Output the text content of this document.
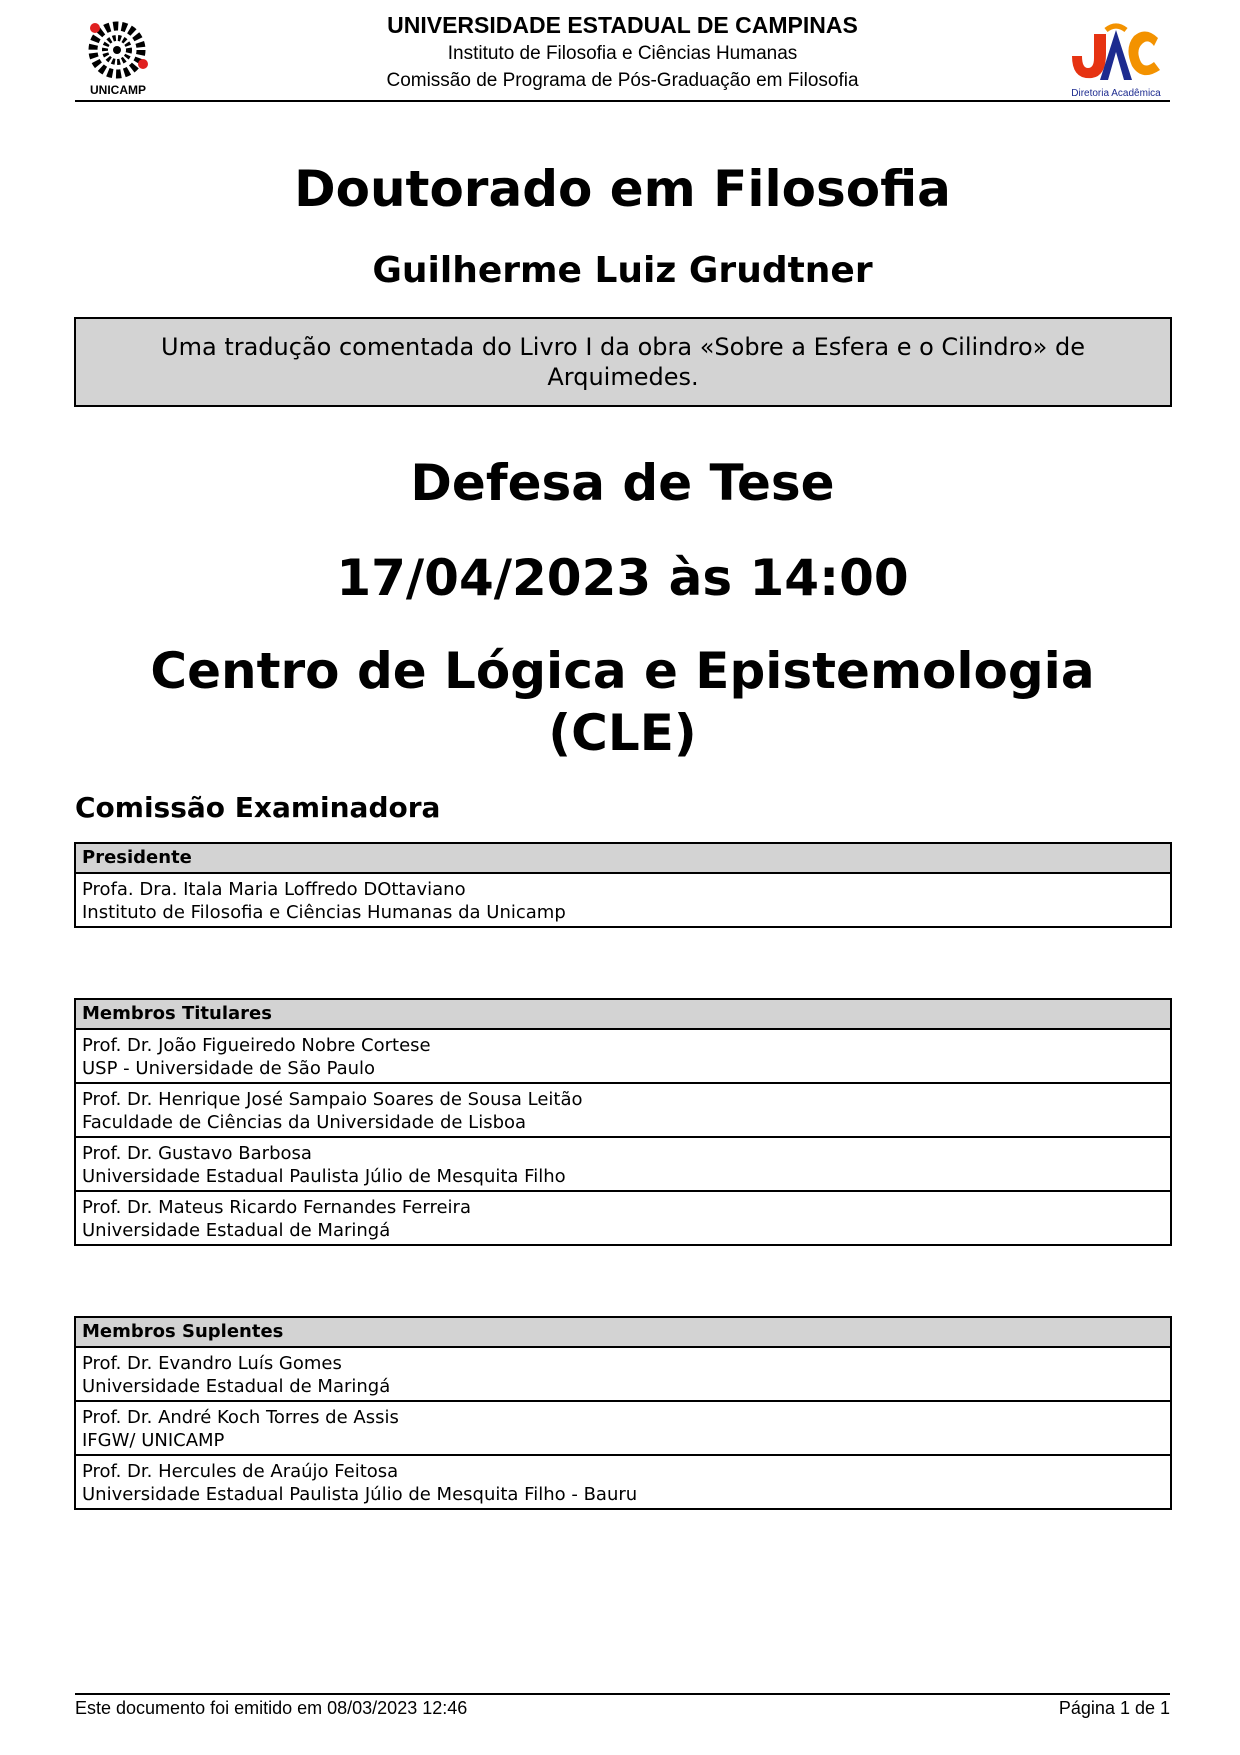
UNICAMP
UNIVERSIDADE ESTADUAL DE CAMPINAS
Instituto de Filosofia e Ciências Humanas
Comissão de Programa de Pós-Graduação em Filosofia
Diretoria Acadêmica
Doutorado em Filosofia
Guilherme Luiz Grudtner
Uma tradução comentada do Livro I da obra «Sobre a Esfera e o Cilindro» de Arquimedes.
Defesa de Tese
17/04/2023 às 14:00
Centro de Lógica e Epistemologia (CLE)
Comissão Examinadora
Presidente
Profa. Dra. Itala Maria Loffredo DOttaviano
Instituto de Filosofia e Ciências Humanas da Unicamp
Membros Titulares
Prof. Dr. João Figueiredo Nobre Cortese
USP - Universidade de São Paulo
Prof. Dr. Henrique José Sampaio Soares de Sousa Leitão
Faculdade de Ciências da Universidade de Lisboa
Prof. Dr. Gustavo Barbosa
Universidade Estadual Paulista Júlio de Mesquita Filho
Prof. Dr. Mateus Ricardo Fernandes Ferreira
Universidade Estadual de Maringá
Membros Suplentes
Prof. Dr. Evandro Luís Gomes
Universidade Estadual de Maringá
Prof. Dr. André Koch Torres de Assis
IFGW/ UNICAMP
Prof. Dr. Hercules de Araújo Feitosa
Universidade Estadual Paulista Júlio de Mesquita Filho - Bauru
Este documento foi emitido em 08/03/2023 12:46	Página 1 de 1
